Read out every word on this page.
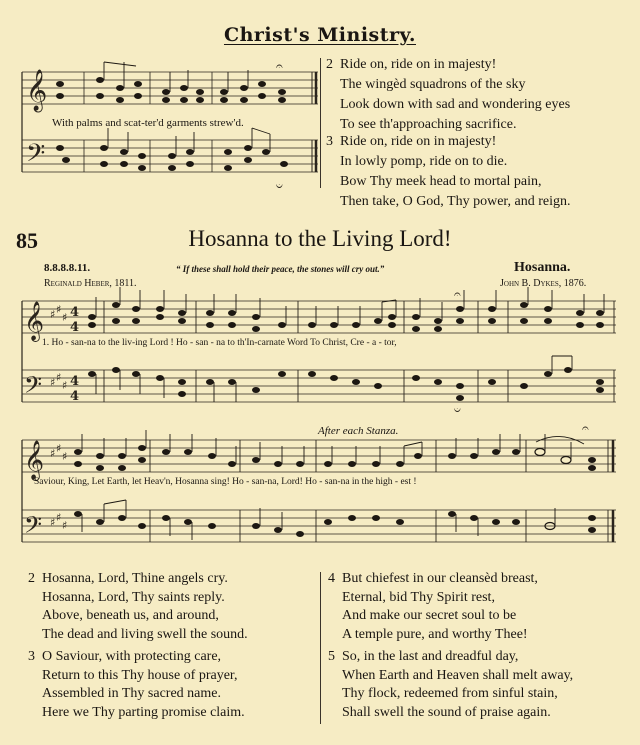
Christ's Ministry.
𝄞
𝄢
𝄐
𝄑
With palms and scat-ter'd garments strew'd.
2 Ride on, ride on in majesty!
The wingèd squadrons of the sky
Look down with sad and wondering eyes
To see th'approaching sacrifice.
3 Ride on, ride on in majesty!
In lowly pomp, ride on to die.
Bow Thy meek head to mortal pain,
Then take, O God, Thy power, and reign.
85	Hosanna to the Living Lord!
8.8.8.8.11.	“ If these shall hold their peace, the stones will cry out.”	Hosanna.
Reginald Heber, 1811.	John B. Dykes, 1876.
𝄞
𝄢
𝄞
𝄢
♯ ♯
♯
♯ ♯
♯
♯ ♯
♯
♯ ♯
♯
4
4
4
4
𝄐
𝄑
𝄐
1. Ho - san-na to the liv-ing Lord ! Ho - san - na to th'In-carnate Word To Christ, Cre - a - tor,
After each Stanza.
Saviour, King, Let Earth, let Heav'n, Hosanna sing! Ho - san-na, Lord! Ho - san-na in the high - est !
2 Hosanna, Lord, Thine angels cry.
Hosanna, Lord, Thy saints reply.
Above, beneath us, and around,
The dead and living swell the sound.
3 O Saviour, with protecting care,
Return to this Thy house of prayer,
Assembled in Thy sacred name.
Here we Thy parting promise claim.
4 But chiefest in our cleansèd breast,
Eternal, bid Thy Spirit rest,
And make our secret soul to be
A temple pure, and worthy Thee!
5 So, in the last and dreadful day,
When Earth and Heaven shall melt away,
Thy flock, redeemed from sinful stain,
Shall swell the sound of praise again.
